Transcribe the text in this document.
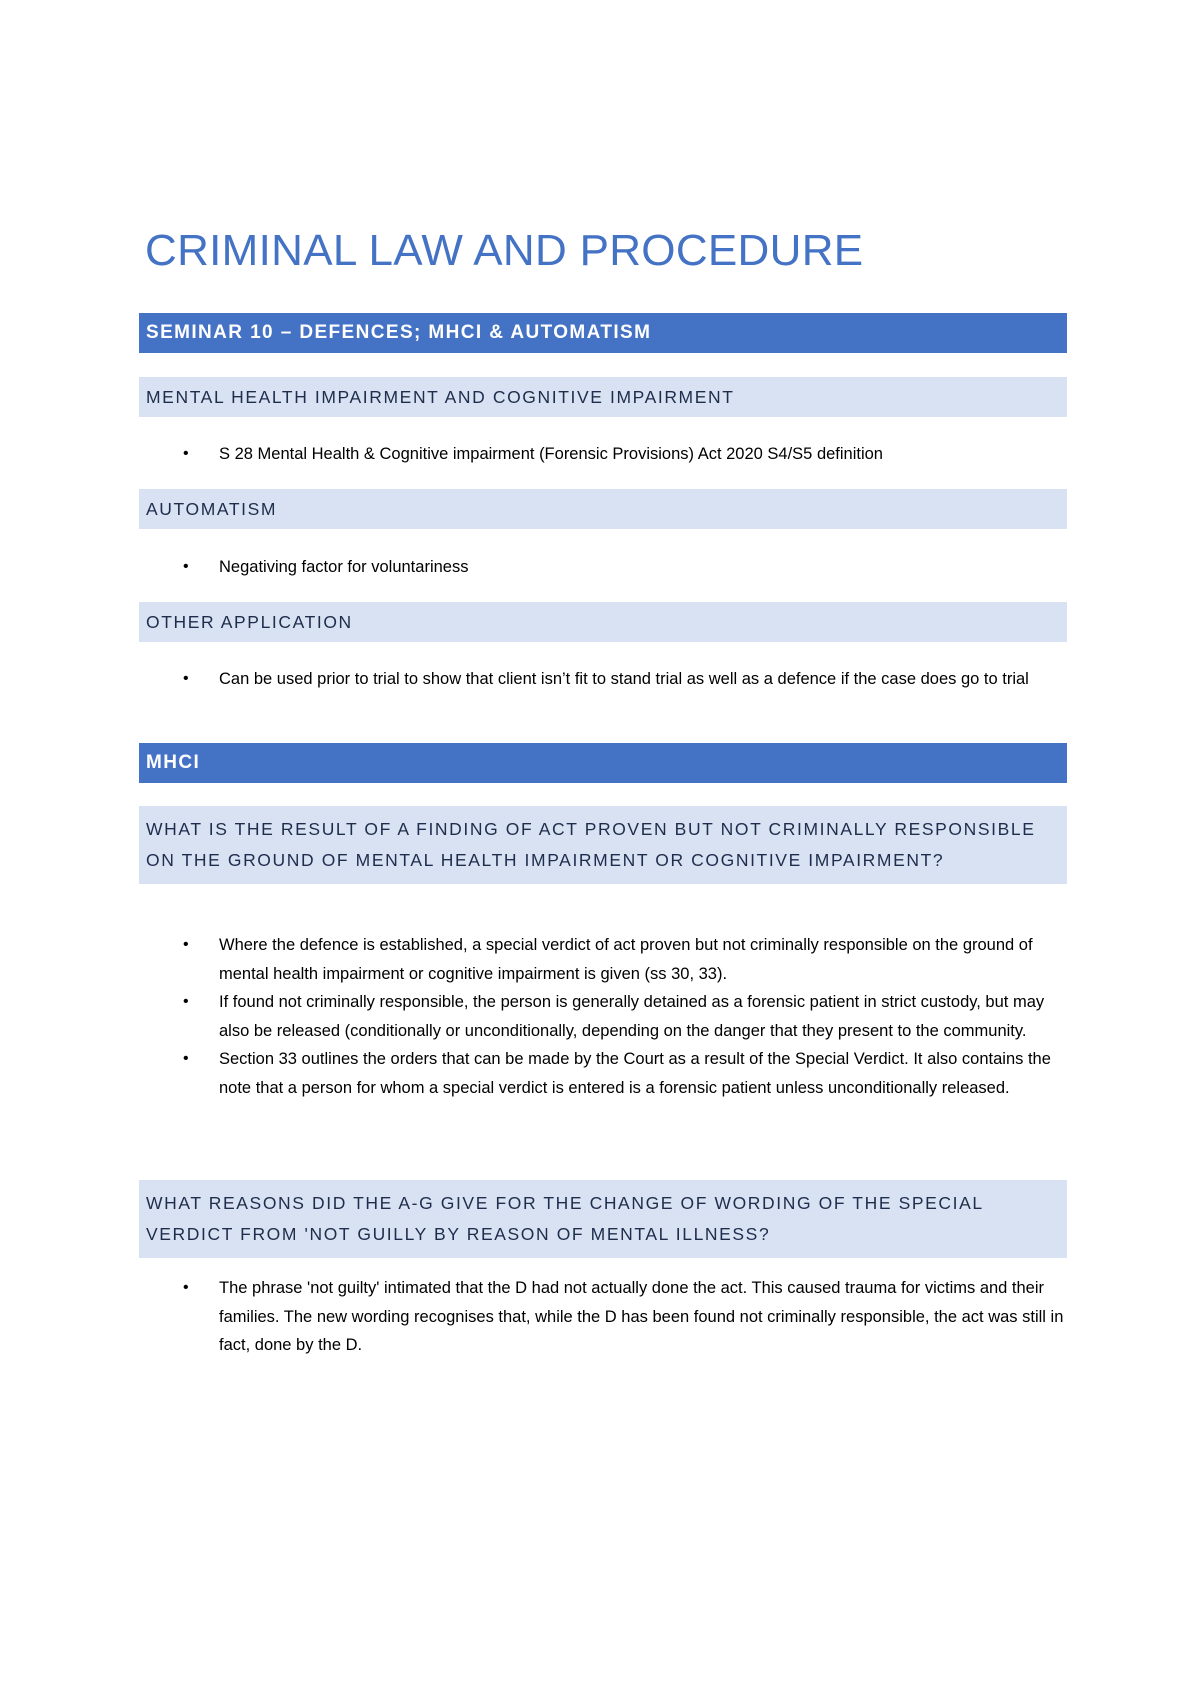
CRIMINAL LAW AND PROCEDURE
SEMINAR 10 – DEFENCES; MHCI & AUTOMATISM
MENTAL HEALTH IMPAIRMENT AND COGNITIVE IMPAIRMENT
• S 28 Mental Health & Cognitive impairment (Forensic Provisions) Act 2020 S4/S5 definition
AUTOMATISM
• Negativing factor for voluntariness
OTHER APPLICATION
• Can be used prior to trial to show that client isn’t fit to stand trial as well as a defence if the case does go to trial
MHCI
WHAT IS THE RESULT OF A FINDING OF ACT PROVEN BUT NOT CRIMINALLY RESPONSIBLE ON THE GROUND OF MENTAL HEALTH IMPAIRMENT OR COGNITIVE IMPAIRMENT?
• Where the defence is established, a special verdict of act proven but not criminally responsible on the ground of mental health impairment or cognitive impairment is given (ss 30, 33).
• If found not criminally responsible, the person is generally detained as a forensic patient in strict custody, but may also be released (conditionally or unconditionally, depending on the danger that they present to the community.
• Section 33 outlines the orders that can be made by the Court as a result of the Special Verdict. It also contains the note that a person for whom a special verdict is entered is a forensic patient unless unconditionally released.
WHAT REASONS DID THE A-G GIVE FOR THE CHANGE OF WORDING OF THE SPECIAL VERDICT FROM 'NOT GUILLY BY REASON OF MENTAL ILLNESS?
• The phrase 'not guilty' intimated that the D had not actually done the act. This caused trauma for victims and their families. The new wording recognises that, while the D has been found not criminally responsible, the act was still in fact, done by the D.
